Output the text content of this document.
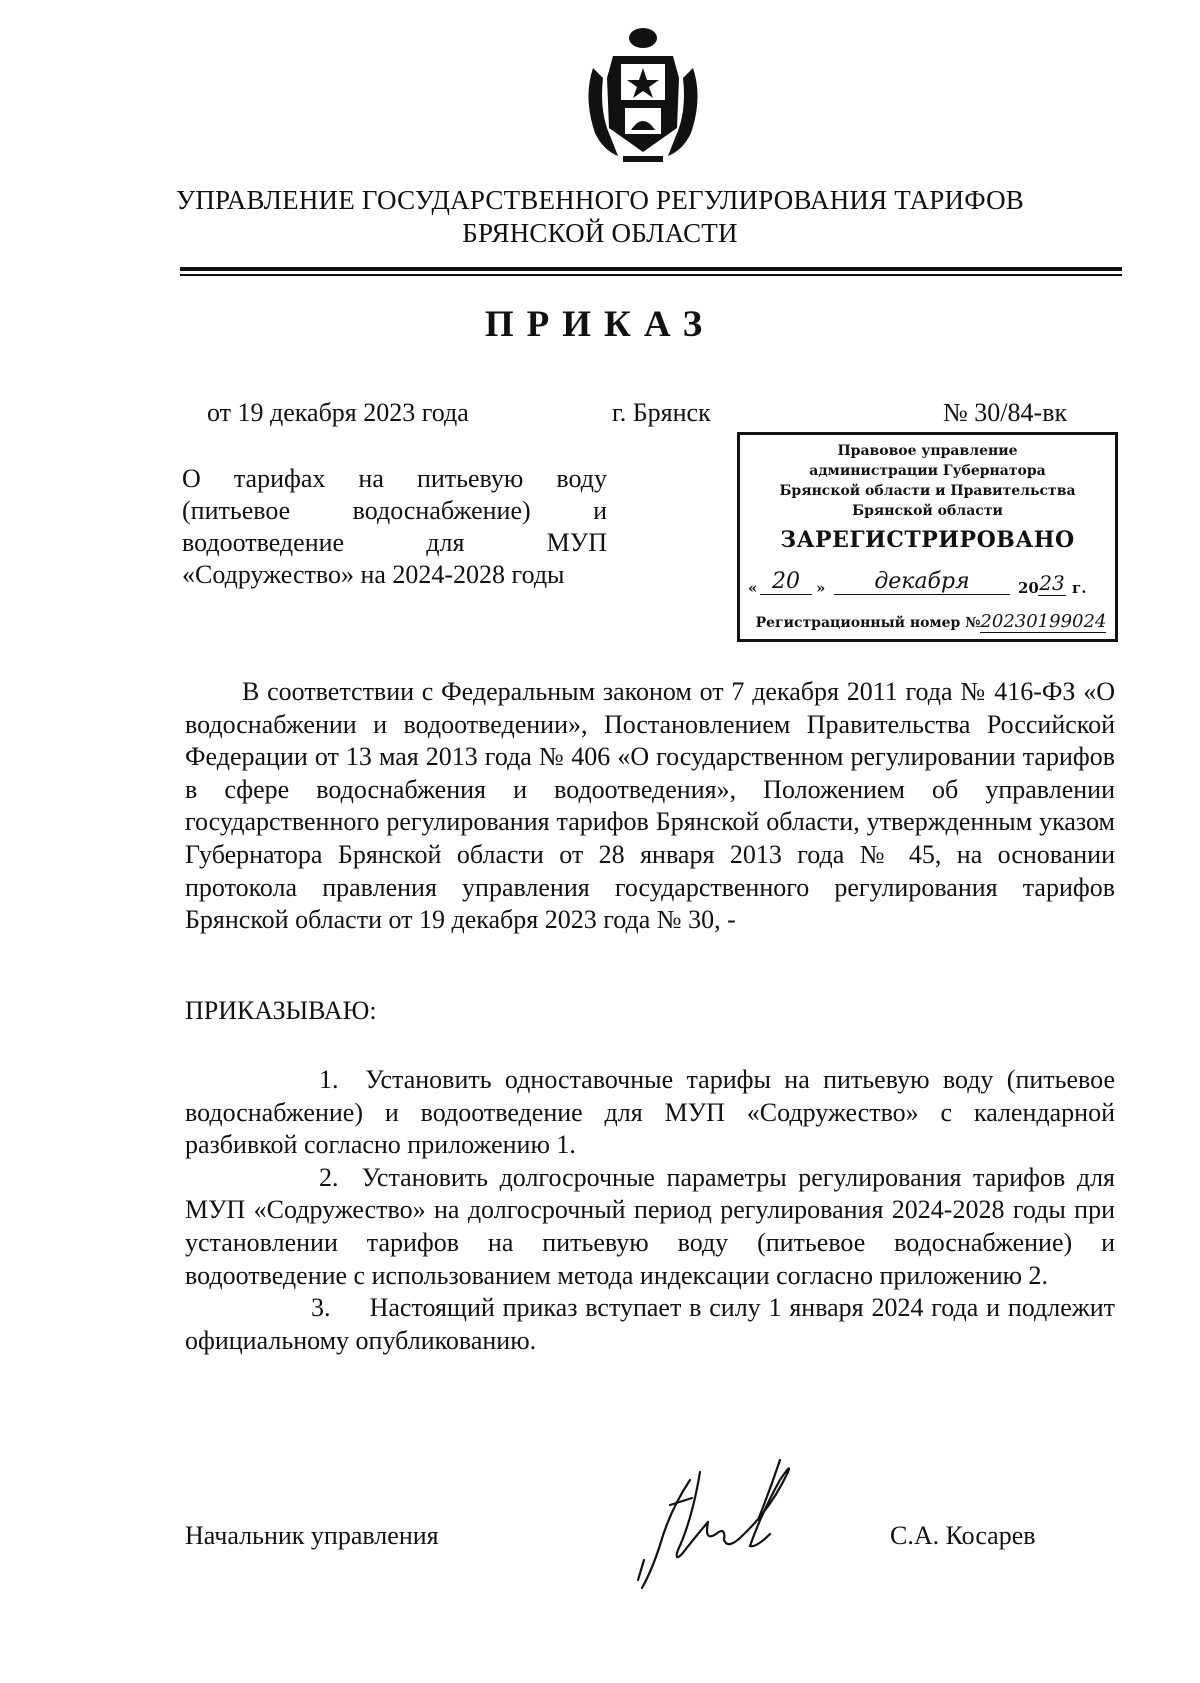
УПРАВЛЕНИЕ ГОСУДАРСТВЕННОГО РЕГУЛИРОВАНИЯ ТАРИФОВ
БРЯНСКОЙ ОБЛАСТИ
ПРИКАЗ
от 19 декабря 2023 года	г. Брянск	№ 30/84-вк
О тарифах на питьевую воду (питьевое водоснабжение) и водоотведение для МУП «Содружество» на 2024-2028 годы
Правовое управление
администрации Губернатора
Брянской области и Правительства
Брянской области
ЗАРЕГИСТРИРОВАНО
« 20	»	декабря	20 23 г.
Регистрационный номер №20230199024
В соответствии с Федеральным законом от 7 декабря 2011 года № 416-ФЗ «О водоснабжении и водоотведении», Постановлением Правительства Российской Федерации от 13 мая 2013 года № 406 «О государственном регулировании тарифов в сфере водоснабжения и водоотведения», Положением об управлении государственного регулирования тарифов Брянской области, утвержденным указом Губернатора Брянской области от 28 января 2013 года № 45, на основании протокола правления управления государственного регулирования тарифов Брянской области от 19 декабря 2023 года № 30, -
ПРИКАЗЫВАЮ:
1. Установить одноставочные тарифы на питьевую воду (питьевое водоснабжение) и водоотведение для МУП «Содружество» с календарной разбивкой согласно приложению 1.
2. Установить долгосрочные параметры регулирования тарифов для МУП «Содружество» на долгосрочный период регулирования 2024-2028 годы при установлении тарифов на питьевую воду (питьевое водоснабжение) и водоотведение с использованием метода индексации согласно приложению 2.
3. Настоящий приказ вступает в силу 1 января 2024 года и подлежит официальному опубликованию.
Начальник управления	С.А. Косарев
